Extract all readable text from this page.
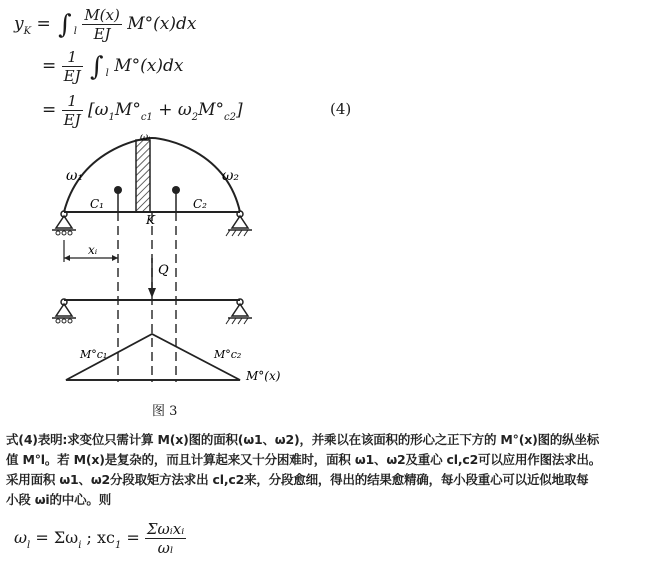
$y_K$ = ∫ $_l \frac{M(x)}{EJ} M^\circ(x)dx$
= $\frac{1}{EJ}$ ∫ $_l$ M°(x)dx
= $\frac{1}{EJ} [\omega_1M^\circ_{c1} + \omega_2M^\circ_{c2}]$	(4)
ω₁
ωᵢ
ω₂
C₁	C₂
K
xᵢ
Q
M°c₁	M°c₂
M°(x)
图 3
式(4)表明:求变位只需计算 M(x)图的面积(ω1、ω2)，并乘以在该面积的形心之正下方的 M°(x)图的纵坐标
值 M°l。若 M(x)是复杂的，而且计算起来又十分困难时，面积 ω1、ω2及重心 cl,c2可以应用作图法求出。
采用面积 ω1、ω2分段取矩方法求出 cl,c2来，分段愈细，得出的结果愈精确，每小段重心可以近似地取每
小段 ωi的中心。则
$\omega_l = \Sigma\omega_i$ ; $xc_1 = \frac{\text{Σωᵢxᵢ}}{\text{ωₗ}}$
